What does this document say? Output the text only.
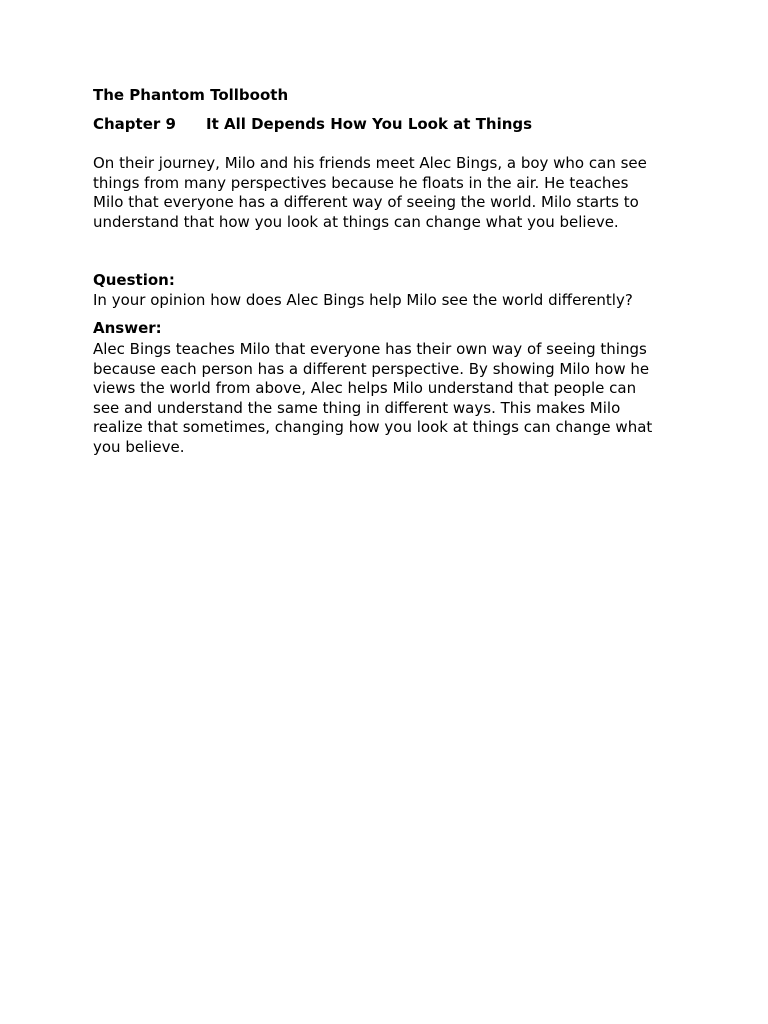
The Phantom Tollbooth
Chapter 9 It All Depends How You Look at Things
On their journey, Milo and his friends meet Alec Bings, a boy who can see
things from many perspectives because he floats in the air. He teaches
Milo that everyone has a different way of seeing the world. Milo starts to
understand that how you look at things can change what you believe.
Question:
In your opinion how does Alec Bings help Milo see the world differently?
Answer:
Alec Bings teaches Milo that everyone has their own way of seeing things
because each person has a different perspective. By showing Milo how he
views the world from above, Alec helps Milo understand that people can
see and understand the same thing in different ways. This makes Milo
realize that sometimes, changing how you look at things can change what
you believe.
